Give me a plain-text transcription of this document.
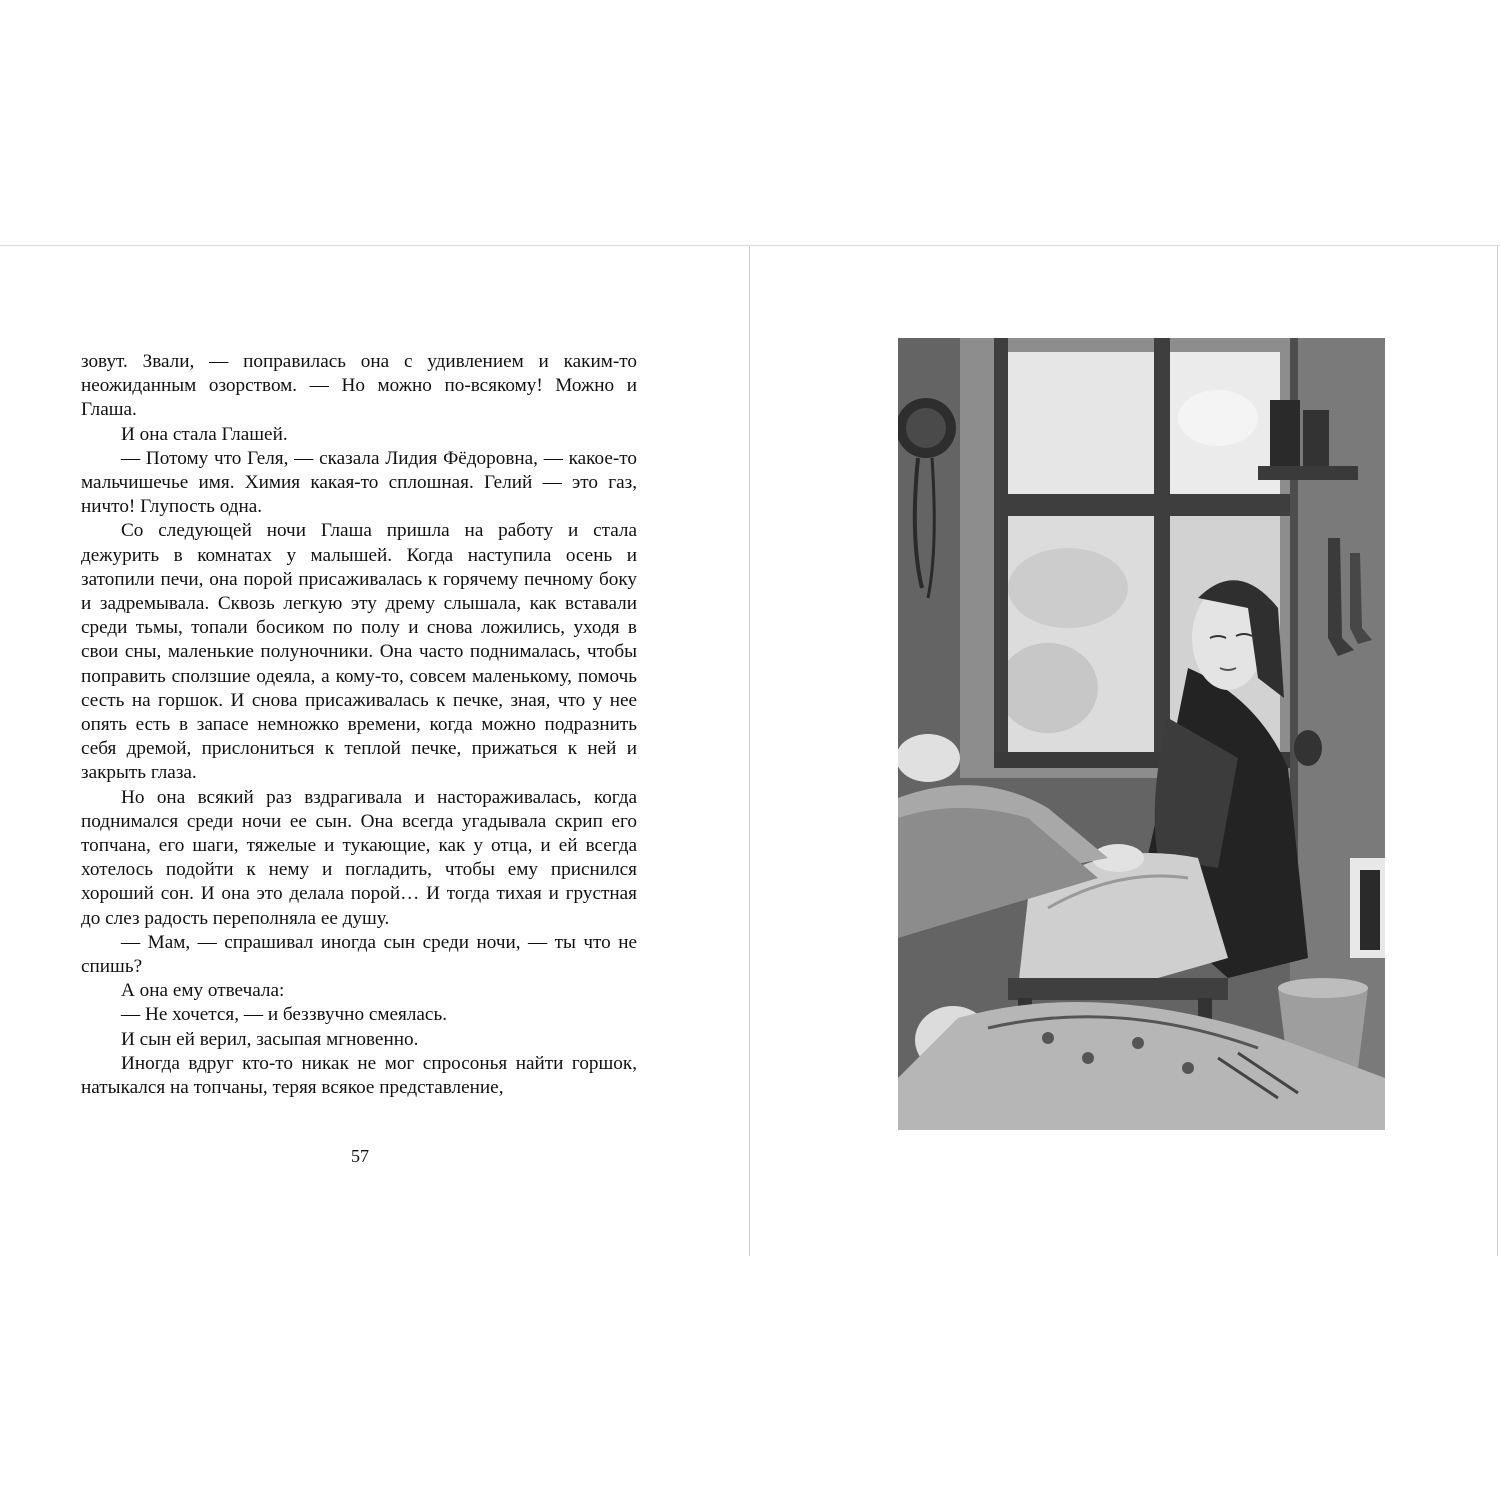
зовут. Звали, — поправилась она с удивлением и каким-то неожиданным озорством. — Но можно по-всякому! Можно и Глаша.

И она стала Глашей.

— Потому что Геля, — сказала Лидия Фёдоровна, — какое-то мальчишечье имя. Химия какая-то сплошная. Гелий — это газ, ничто! Глупость одна.

Со следующей ночи Глаша пришла на работу и стала дежурить в комнатах у малышей. Когда наступила осень и затопили печи, она порой присаживалась к горячему печному боку и задремывала. Сквозь легкую эту дрему слышала, как вставали среди тьмы, топали босиком по полу и снова ложились, уходя в свои сны, маленькие полуночники. Она часто поднималась, чтобы поправить сползшие одеяла, а кому-то, совсем маленькому, помочь сесть на горшок. И снова присаживалась к печке, зная, что у нее опять есть в запасе немножко времени, когда можно подразнить себя дремой, прислониться к теплой печке, прижаться к ней и закрыть глаза.

Но она всякий раз вздрагивала и настораживалась, когда поднимался среди ночи ее сын. Она всегда угадывала скрип его топчана, его шаги, тяжелые и тукающие, как у отца, и ей всегда хотелось подойти к нему и погладить, чтобы ему приснился хороший сон. И она это делала порой… И тогда тихая и грустная до слез радость переполняла ее душу.

— Мам, — спрашивал иногда сын среди ночи, — ты что не спишь?

А она ему отвечала:

— Не хочется, — и беззвучно смеялась.

И сын ей верил, засыпая мгновенно.

Иногда вдруг кто-то никак не мог спросонья найти горшок, натыкался на топчаны, теряя всякое представление,

57
